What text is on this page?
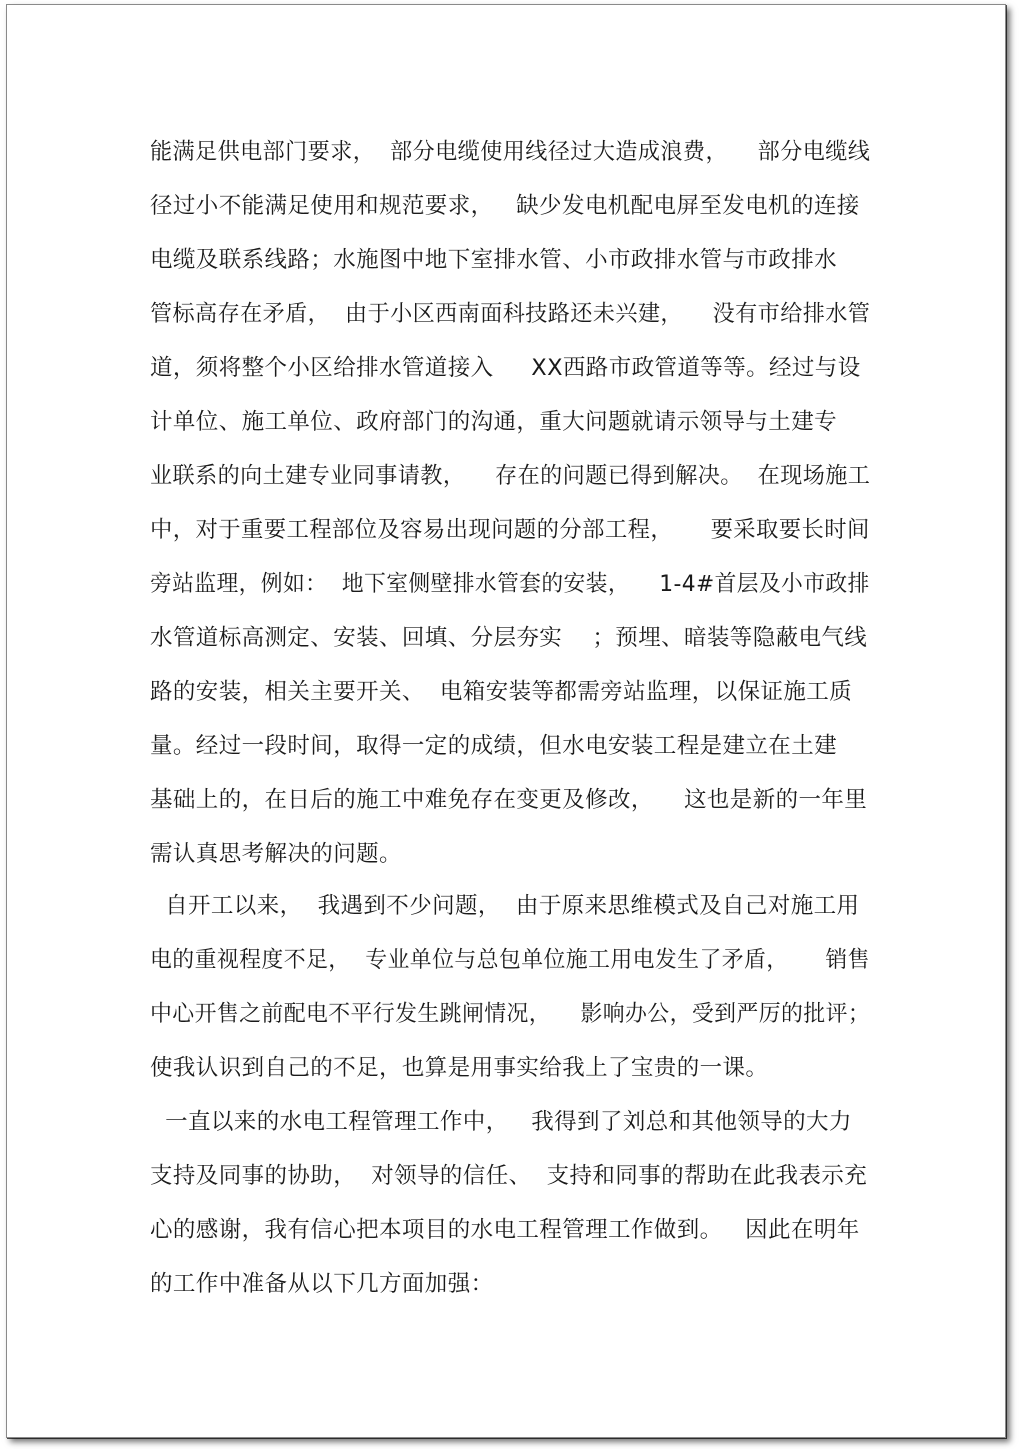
能满足供电部门要求，  部分电缆使用线径过大造成浪费，    部分电缆线
径过小不能满足使用和规范要求，   缺少发电机配电屏至发电机的连接
电缆及联系线路；水施图中地下室排水管、小市政排水管与市政排水
管标高存在矛盾，  由于小区西南面科技路还未兴建，    没有市给排水管
道，须将整个小区给排水管道接入     XX西路市政管道等等。经过与设
计单位、施工单位、政府部门的沟通，重大问题就请示领导与土建专
业联系的向土建专业同事请教，    存在的问题已得到解决。  在现场施工
中，对于重要工程部位及容易出现问题的分部工程，     要采取要长时间
旁站监理，例如：  地下室侧壁排水管套的安装，    1-4#首层及小市政排
水管道标高测定、安装、回填、分层夯实    ；预埋、暗装等隐蔽电气线
路的安装，相关主要开关、  电箱安装等都需旁站监理，以保证施工质
量。经过一段时间，取得一定的成绩，但水电安装工程是建立在土建
基础上的，在日后的施工中难免存在变更及修改，    这也是新的一年里
需认真思考解决的问题。
自开工以来，  我遇到不少问题，  由于原来思维模式及自己对施工用
电的重视程度不足，  专业单位与总包单位施工用电发生了矛盾，     销售
中心开售之前配电不平行发生跳闸情况，    影响办公，受到严厉的批评；
使我认识到自己的不足，也算是用事实给我上了宝贵的一课。
一直以来的水电工程管理工作中，   我得到了刘总和其他领导的大力
支持及同事的协助，  对领导的信任、  支持和同事的帮助在此我表示充
心的感谢，我有信心把本项目的水电工程管理工作做到。   因此在明年
的工作中准备从以下几方面加强：
